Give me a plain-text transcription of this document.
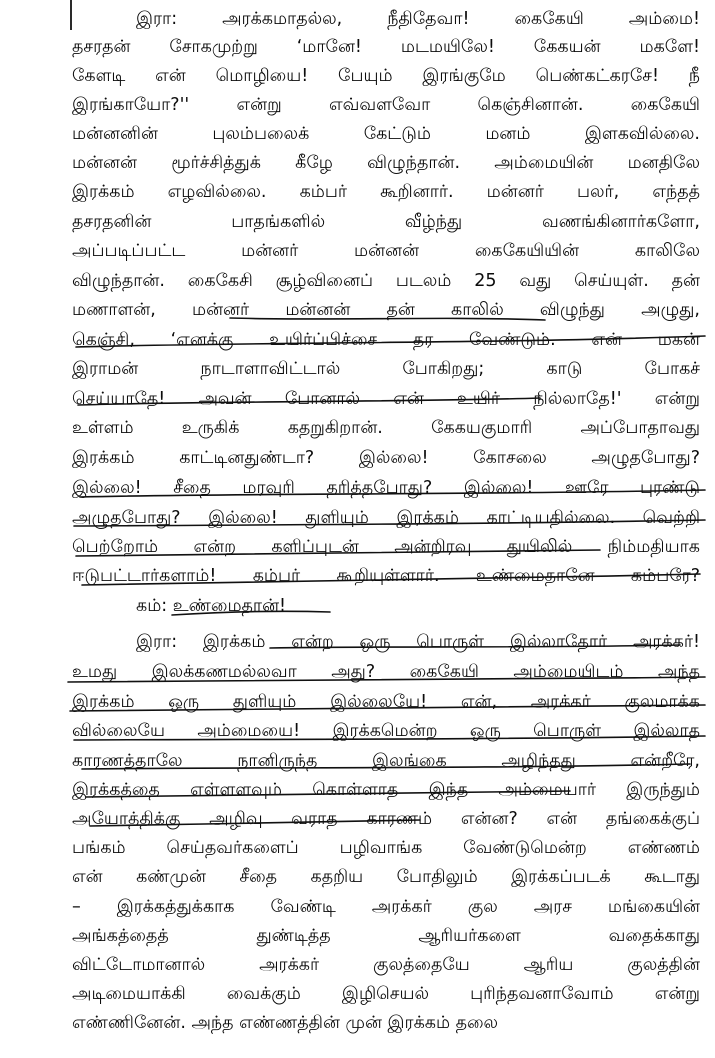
இரா: அரக்கமாதல்ல, நீதிதேவா! கைகேயி அம்மை!
தசரதன் சோகமுற்று ‘மானே! மடமயிலே! கேகயன் மகளே!
கேளடி என் மொழியை! பேயும் இரங்குமே பெண்கட்கரசே! நீ
இரங்காயோ?'' என்று எவ்வளவோ கெஞ்சினான். கைகேயி
மன்னனின் புலம்பலைக் கேட்டும் மனம் இளகவில்லை.
மன்னன் மூர்ச்சித்துக் கீழே விழுந்தான். அம்மையின் மனதிலே
இரக்கம் எழவில்லை. கம்பர் கூறினார். மன்னர் பலர், எந்தத்
தசரதனின் பாதங்களில் வீழ்ந்து வணங்கினார்களோ,
அப்படிப்பட்ட மன்னர் மன்னன் கைகேயியின் காலிலே
விழுந்தான். கைகேசி சூழ்வினைப் படலம் 25 வது செய்யுள். தன்
மணாளன், மன்னர் மன்னன் தன் காலில் விழுந்து அழுது,
கெஞ்சி, ‘எனக்கு உயிர்ப்பிச்சை தர வேண்டும். என் மகன்
இராமன் நாடாளாவிட்டால் போகிறது; காடு போகச்
செய்யாதே! அவன் போனால் என் உயிர் நில்லாதே!' என்று
உள்ளம் உருகிக் கதறுகிறான். கேகயகுமாரி அப்போதாவது
இரக்கம் காட்டினதுண்டா? இல்லை! கோசலை அழுதபோது?
இல்லை! சீதை மரவுரி தரித்தபோது? இல்லை! ஊரே புரண்டு
அழுதபோது? இல்லை! துளியும் இரக்கம் காட்டியதில்லை. வெற்றி
பெற்றோம் என்ற களிப்புடன் அன்றிரவு துயிலில் நிம்மதியாக
ஈடுபட்டார்களாம்! கம்பர் கூறியுள்ளார். உண்மைதானே கம்பரே?
கம்: உண்மைதான்!
இரா: இரக்கம் என்ற ஒரு பொருள் இல்லாதோர் அரக்கர்!
உமது இலக்கணமல்லவா அது? கைகேயி அம்மையிடம் அந்த
இரக்கம் ஒரு துளியும் இல்லையே! என், அரக்கர் குலமாக்க
வில்லையே அம்மையை! இரக்கமென்ற ஒரு பொருள் இல்லாத
காரணத்தாலே நானிருந்த இலங்கை அழிந்தது என்றீரே,
இரக்கத்தை எள்ளளவும் கொள்ளாத இந்த அம்மையார் இருந்தும்
அயோத்திக்கு அழிவு வராத காரணம் என்ன? என் தங்கைக்குப்
பங்கம் செய்தவர்களைப் பழிவாங்க வேண்டுமென்ற எண்ணம்
என் கண்முன் சீதை கதறிய போதிலும் இரக்கப்படக் கூடாது
– இரக்கத்துக்காக வேண்டி அரக்கர் குல அரச மங்கையின்
அங்கத்தைத் துண்டித்த ஆரியர்களை வதைக்காது
விட்டோமானால் அரக்கர் குலத்தையே ஆரிய குலத்தின்
அடிமையாக்கி வைக்கும் இழிசெயல் புரிந்தவனாவோம் என்று
எண்ணினேன். அந்த எண்ணத்தின் முன் இரக்கம் தலை
